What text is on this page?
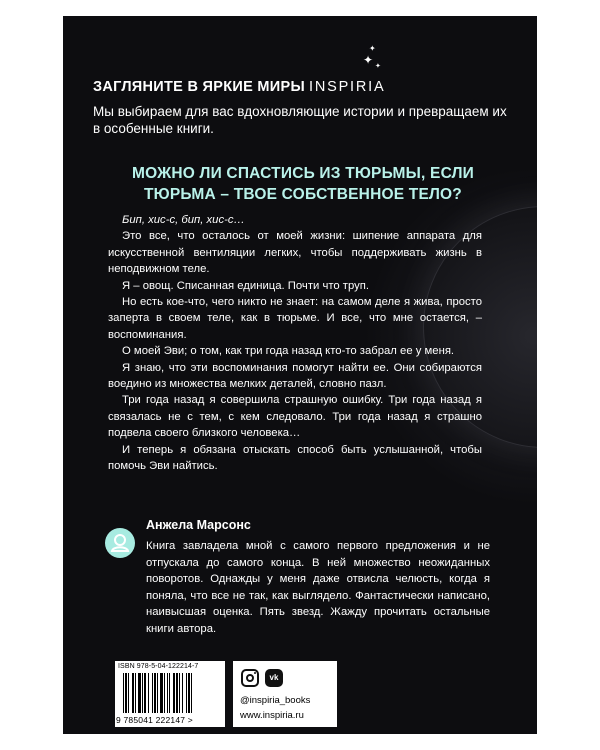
✦
✦ ✦
ЗАГЛЯНИТЕ В ЯРКИЕ МИРЫ INSPIRIA
Мы выбираем для вас вдохновляющие истории и превращаем их в особенные книги.
МОЖНО ЛИ СПАСТИСЬ ИЗ ТЮРЬМЫ, ЕСЛИ
ТЮРЬМА – ТВОЕ СОБСТВЕННОЕ ТЕЛО?

Бип, хис-с, бип, хис-с…

Это все, что осталось от моей жизни: шипение аппарата для искусственной вентиляции легких, чтобы поддерживать жизнь в неподвижном теле.

Я – овощ. Списанная единица. Почти что труп.

Но есть кое-что, чего никто не знает: на самом деле я жива, просто заперта в своем теле, как в тюрьме. И все, что мне остается, – воспоминания.

О моей Эви; о том, как три года назад кто-то забрал ее у меня.

Я знаю, что эти воспоминания помогут найти ее. Они собираются воедино из множества мелких деталей, словно пазл.

Три года назад я совершила страшную ошибку. Три года назад я связалась не с тем, с кем следовало. Три года назад я страшно подвела своего близкого человека…

И теперь я обязана отыскать способ быть услышанной, чтобы помочь Эви найтись.

Анжела Марсонс
Книга завладела мной с самого первого предложения и не отпускала до самого конца. В ней множество неожиданных поворотов. Однажды у меня даже отвисла челюсть, когда я поняла, что все не так, как выглядело. Фантастически написано, наивысшая оценка. Пять звезд. Жажду прочитать остальные книги автора.
ISBN 978-5-04-122214-7
9 785041 222147 >
vk
@inspiria_books
www.inspiria.ru
